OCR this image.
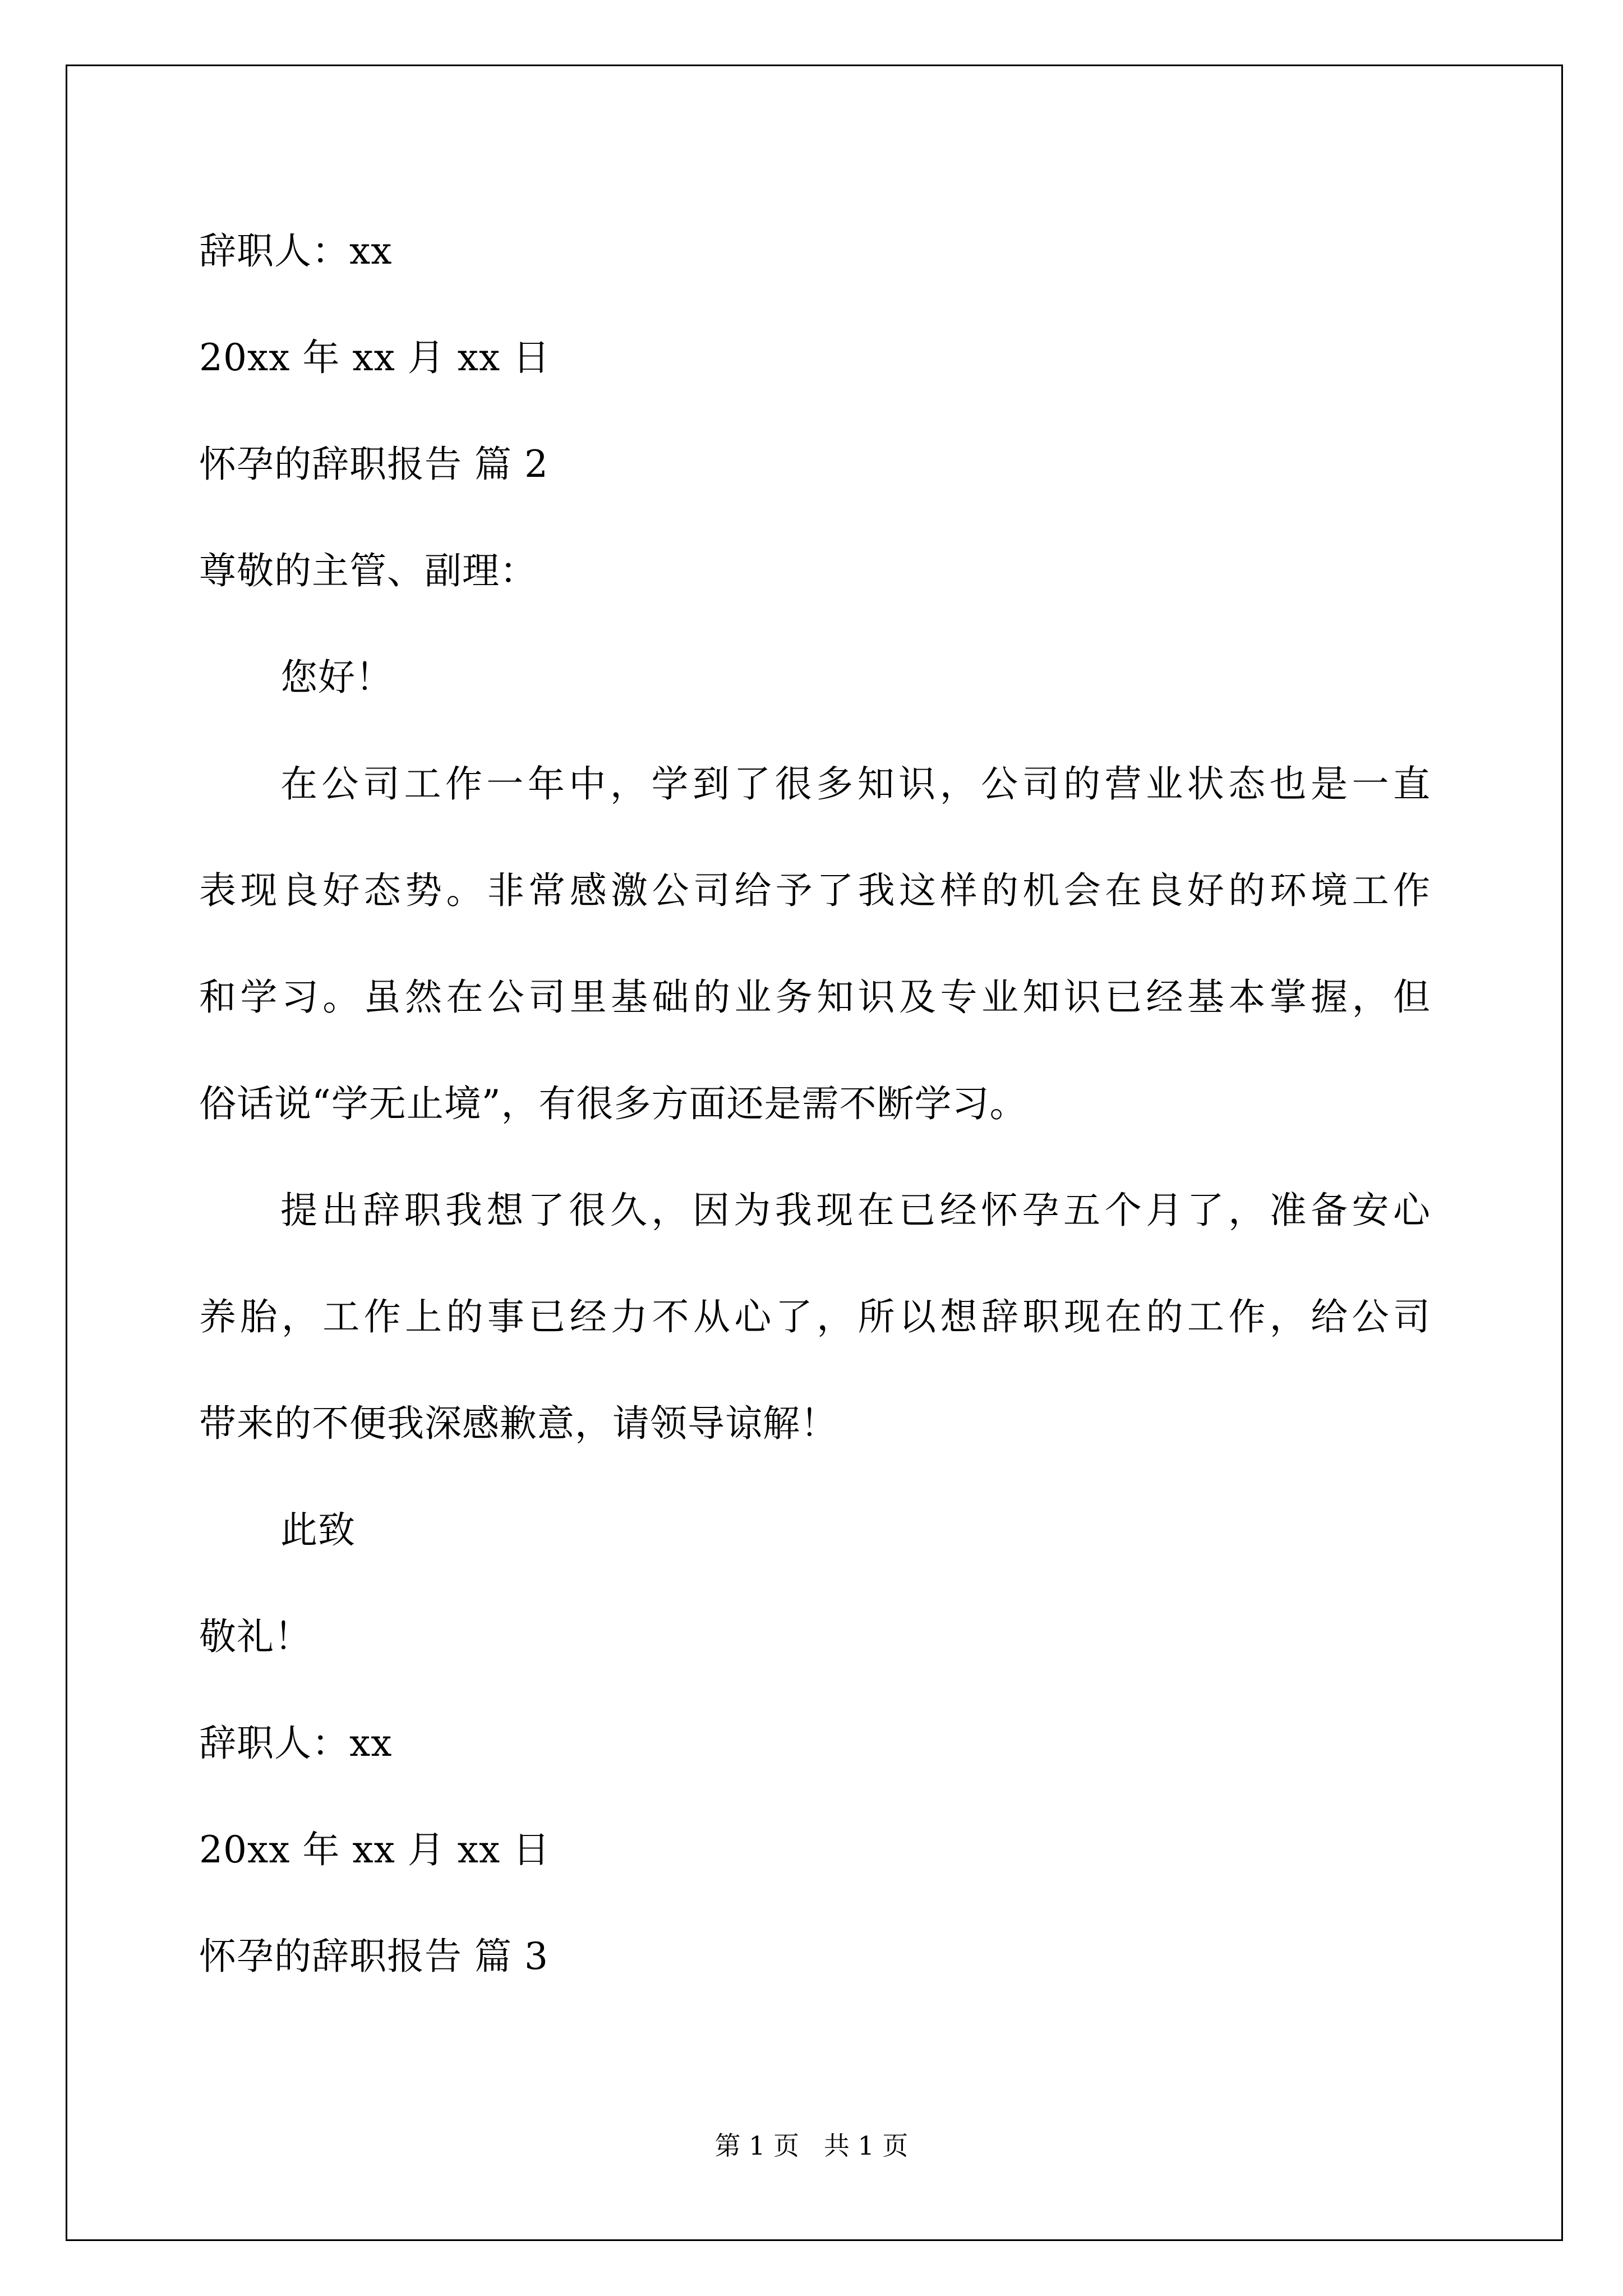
辞职人：xx
20xx 年 xx 月 xx 日
怀孕的辞职报告 篇 2
尊敬的主管、副理：
您好！
在公司工作一年中，学到了很多知识，公司的营业状态也是一直
表现良好态势。非常感激公司给予了我这样的机会在良好的环境工作
和学习。虽然在公司里基础的业务知识及专业知识已经基本掌握，但
俗话说“学无止境”，有很多方面还是需不断学习。
提出辞职我想了很久，因为我现在已经怀孕五个月了，准备安心
养胎，工作上的事已经力不从心了，所以想辞职现在的工作，给公司
带来的不便我深感歉意，请领导谅解！
此致
敬礼！
辞职人：xx
20xx 年 xx 月 xx 日
怀孕的辞职报告 篇 3
第 1 页   共 1 页
